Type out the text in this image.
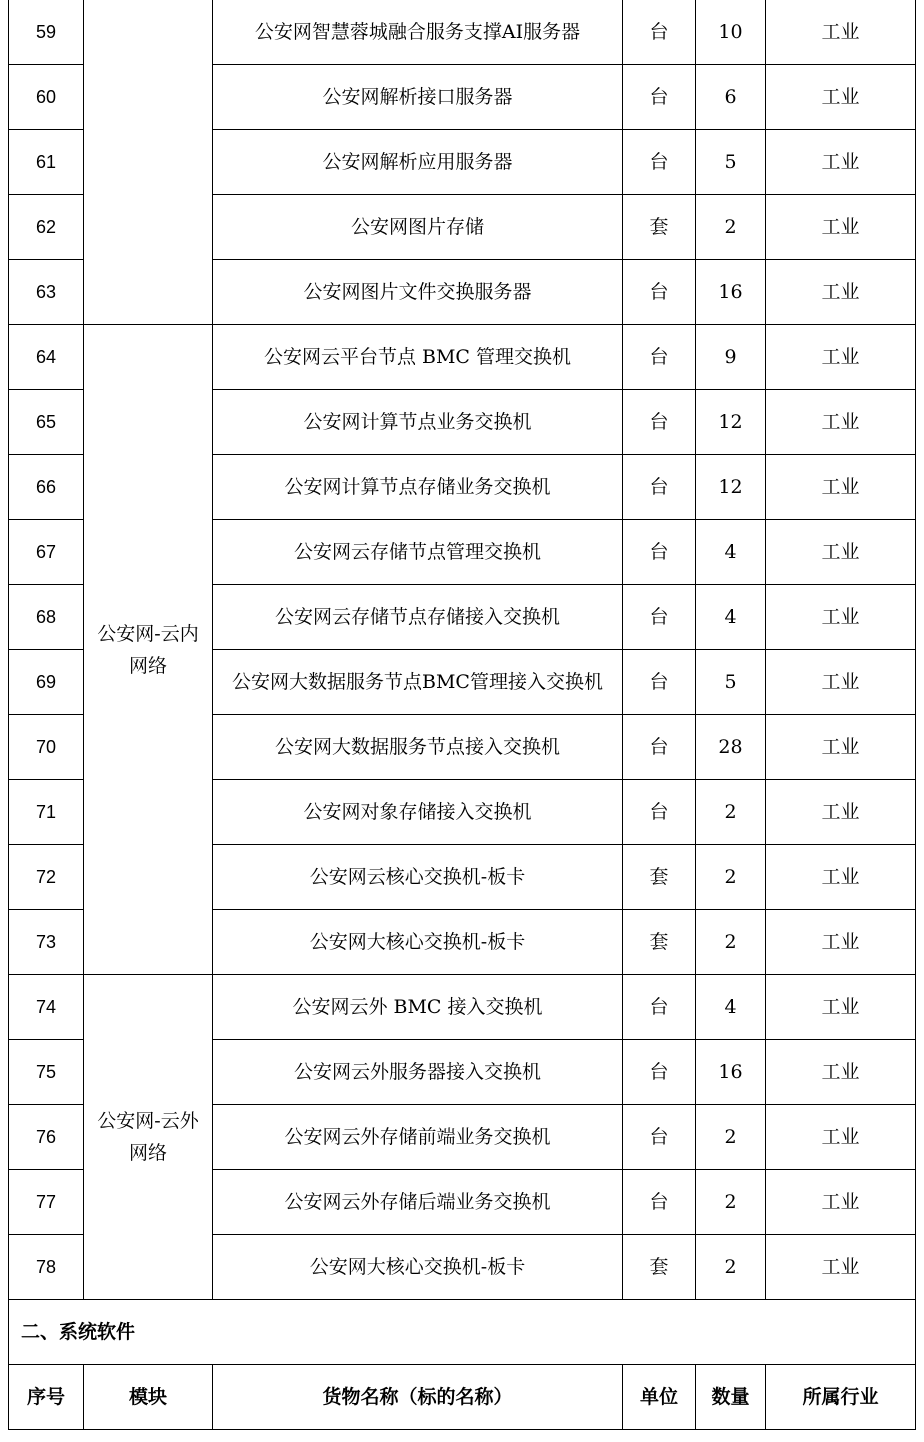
59		公安网智慧蓉城融合服务支撑AI服务器	台	10	工业
60		公安网解析接口服务器	台	6	工业
61		公安网解析应用服务器	台	5	工业
62		公安网图片存储	套	2	工业
63		公安网图片文件交换服务器	台	16	工业
64	公安网-云内网络	公安网云平台节点 BMC 管理交换机	台	9	工业
65		公安网计算节点业务交换机	台	12	工业
66		公安网计算节点存储业务交换机	台	12	工业
67		公安网云存储节点管理交换机	台	4	工业
68		公安网云存储节点存储接入交换机	台	4	工业
69		公安网大数据服务节点BMC管理接入交换机	台	5	工业
70		公安网大数据服务节点接入交换机	台	28	工业
71		公安网对象存储接入交换机	台	2	工业
72		公安网云核心交换机-板卡	套	2	工业
73		公安网大核心交换机-板卡	套	2	工业
74	公安网-云外网络	公安网云外 BMC 接入交换机	台	4	工业
75		公安网云外服务器接入交换机	台	16	工业
76		公安网云外存储前端业务交换机	台	2	工业
77		公安网云外存储后端业务交换机	台	2	工业
78		公安网大核心交换机-板卡	套	2	工业
二、系统软件					
序号	模块	货物名称（标的名称）	单位	数量	所属行业
